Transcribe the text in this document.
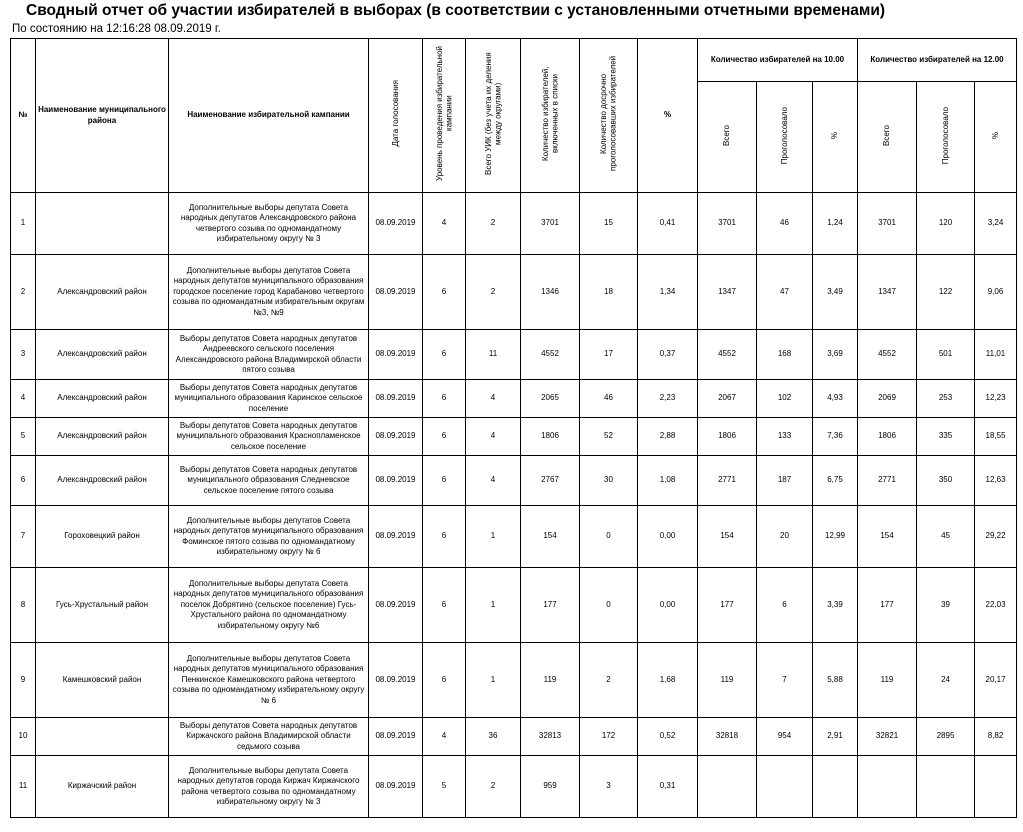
Сводный отчет об участии избирателей в выборах (в соответствии с установленными отчетными временами)
По состоянию на 12:16:28 08.09.2019 г.
№	Наименование муниципального района	Наименование избирательной кампании	Дата голосования	Уровень проведения избирательной кампании	Всего УИК (без учета их деления между округами)	Количество избирателей, включенных в списки	Количество досрочно проголосовавших избирателей	%	Количество избирателей на 10.00			Количество избирателей на 12.00		
									Всего	Проголосовало	%	Всего	Проголосовало	%
1		Дополнительные выборы депутата Совета народных депутатов Александровского района четвертого созыва по одномандатному избирательному округу № 3	08.09.2019	4	2	3701	15	0,41	3701	46	1,24	3701	120	3,24
2	Александровский район	Дополнительные выборы депутатов Совета народных депутатов муниципального образования городское поселение город Карабаново четвертого созыва по одномандатным избирательным округам №3, №9	08.09.2019	6	2	1346	18	1,34	1347	47	3,49	1347	122	9,06
3	Александровский район	Выборы депутатов Совета народных депутатов Андреевского сельского поселения Александровского района Владимирской области пятого созыва	08.09.2019	6	11	4552	17	0,37	4552	168	3,69	4552	501	11,01
4	Александровский район	Выборы депутатов Совета народных депутатов муниципального образования Каринское сельское поселение	08.09.2019	6	4	2065	46	2,23	2067	102	4,93	2069	253	12,23
5	Александровский район	Выборы депутатов Совета народных депутатов муниципального образования Краснопламенское сельское поселение	08.09.2019	6	4	1806	52	2,88	1806	133	7,36	1806	335	18,55
6	Александровский район	Выборы депутатов Совета народных депутатов муниципального образования Следневское сельское поселение пятого созыва	08.09.2019	6	4	2767	30	1,08	2771	187	6,75	2771	350	12,63
7	Гороховецкий район	Дополнительные выборы депутатов Совета народных депутатов муниципального образования Фоминское пятого созыва по одномандатному избирательному округу № 6	08.09.2019	6	1	154	0	0,00	154	20	12,99	154	45	29,22
8	Гусь-Хрустальный район	Дополнительные выборы депутата Совета народных депутатов муниципального образования поселок Добрятино (сельское поселение) Гусь-Хрустального района по одномандатному избирательному округу №6	08.09.2019	6	1	177	0	0,00	177	6	3,39	177	39	22,03
9	Камешковский район	Дополнительные выборы депутатов Совета народных депутатов муниципального образования Пенкинское Камешковского района четвертого созыва по одномандатному избирательному округу № 6	08.09.2019	6	1	119	2	1,68	119	7	5,88	119	24	20,17
10		Выборы депутатов Совета народных депутатов Киржачского района Владимирской области седьмого созыва	08.09.2019	4	36	32813	172	0,52	32818	954	2,91	32821	2895	8,82
11	Киржачский район	Дополнительные выборы депутата Совета народных депутатов города Киржач Киржачского района четвертого созыва по одномандатному избирательному округу № 3	08.09.2019	5	2	959	3	0,31						
